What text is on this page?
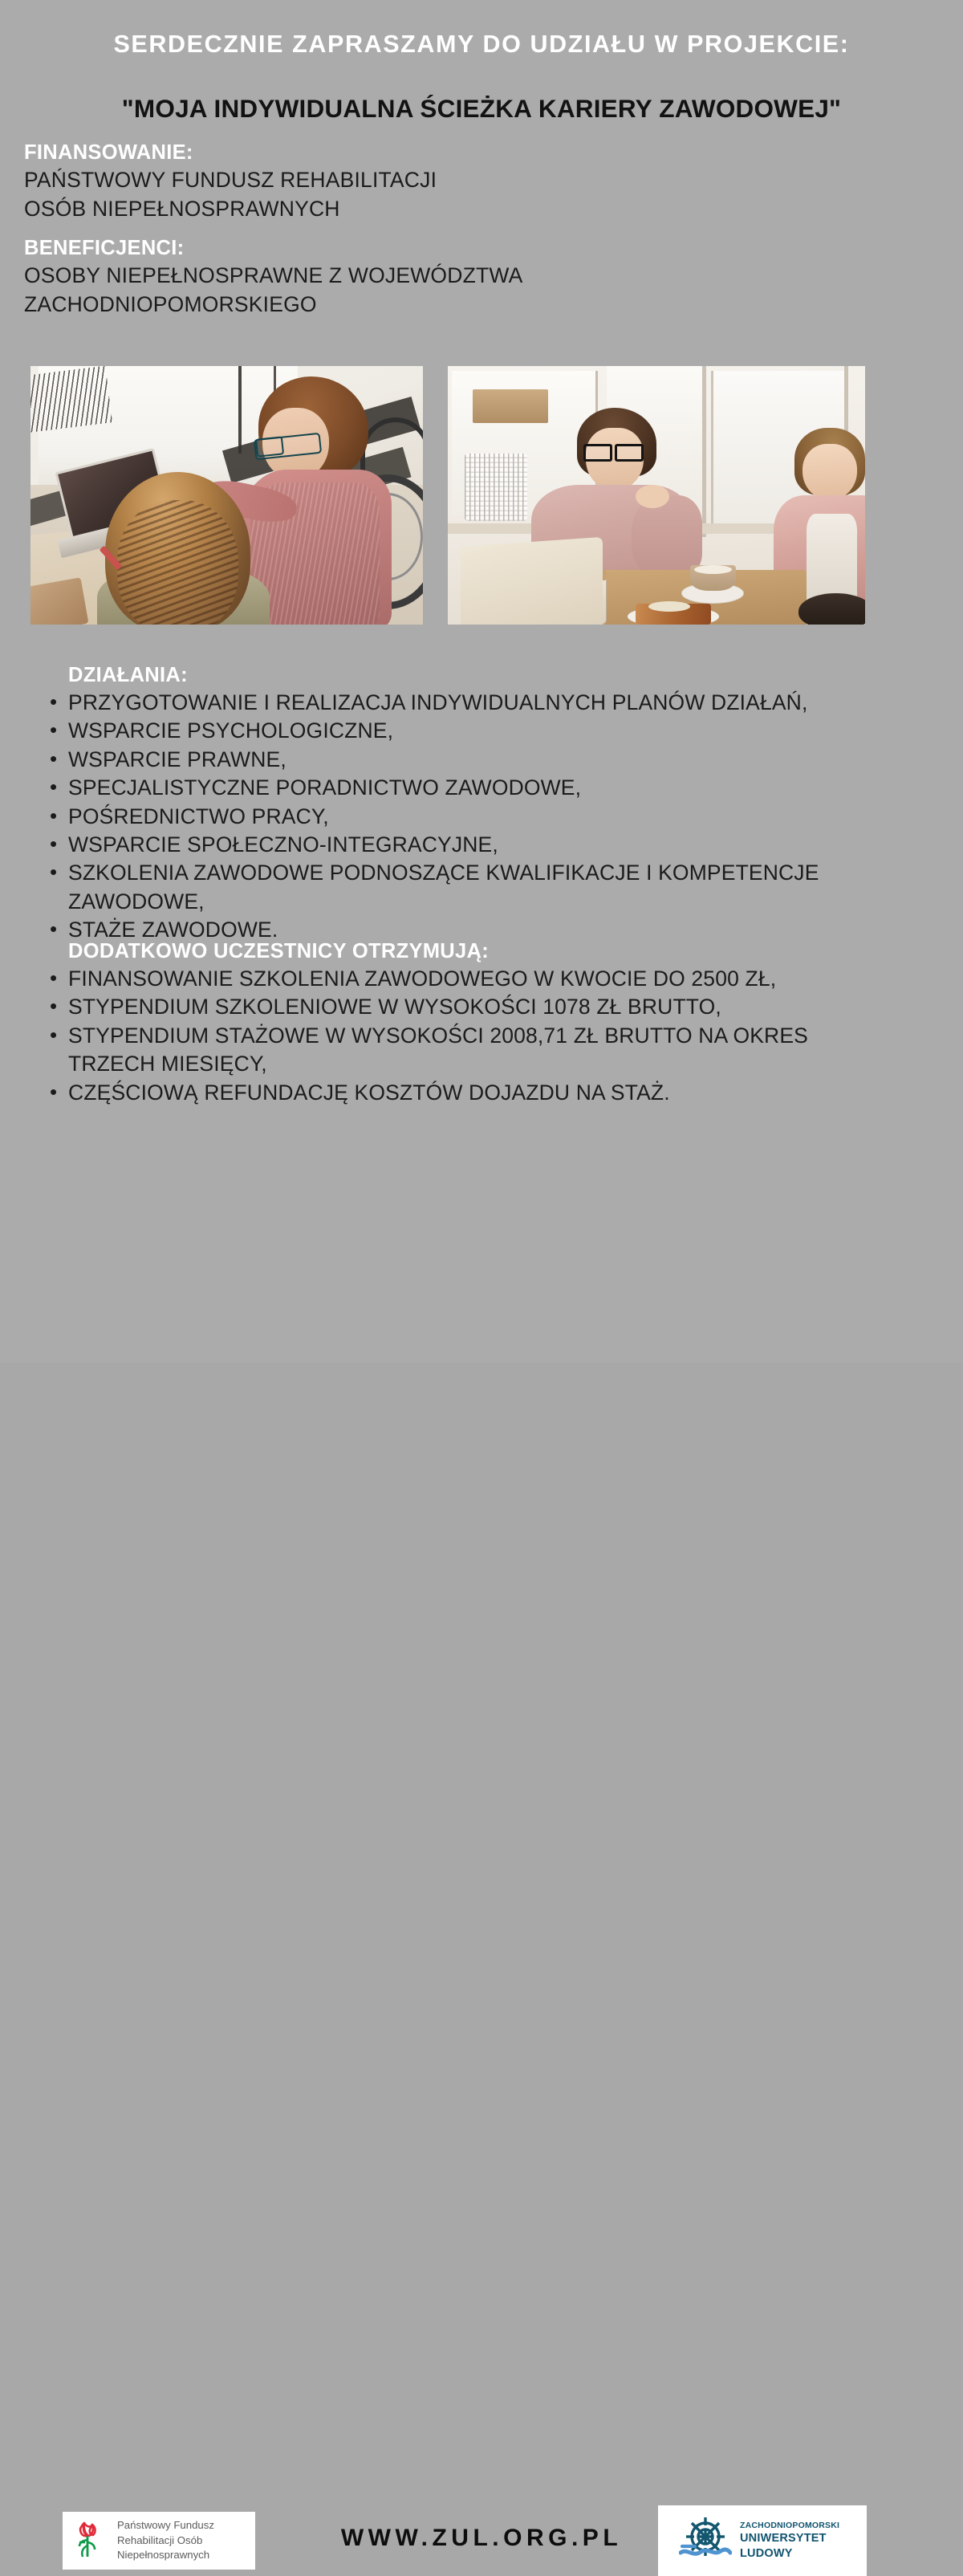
SERDECZNIE ZAPRASZAMY DO UDZIAŁU W PROJEKCIE:
"MOJA INDYWIDUALNA ŚCIEŻKA KARIERY ZAWODOWEJ"
FINANSOWANIE:
PAŃSTWOWY FUNDUSZ REHABILITACJI
OSÓB NIEPEŁNOSPRAWNYCH
BENEFICJENCI:
OSOBY NIEPEŁNOSPRAWNE Z WOJEWÓDZTWA
ZACHODNIOPOMORSKIEGO
DZIAŁANIA:
• PRZYGOTOWANIE I REALIZACJA INDYWIDUALNYCH PLANÓW DZIAŁAŃ,
• WSPARCIE PSYCHOLOGICZNE,
• WSPARCIE PRAWNE,
• SPECJALISTYCZNE PORADNICTWO ZAWODOWE,
• POŚREDNICTWO PRACY,
• WSPARCIE SPOŁECZNO-INTEGRACYJNE,
• SZKOLENIA ZAWODOWE PODNOSZĄCE KWALIFIKACJE I KOMPETENCJE ZAWODOWE,
• STAŻE ZAWODOWE.
DODATKOWO UCZESTNICY OTRZYMUJĄ:
• FINANSOWANIE SZKOLENIA ZAWODOWEGO W KWOCIE DO 2500 ZŁ,
• STYPENDIUM SZKOLENIOWE W WYSOKOŚCI 1078 ZŁ BRUTTO,
• STYPENDIUM STAŻOWE W WYSOKOŚCI 2008,71 ZŁ BRUTTO NA OKRES TRZECH MIESIĘCY,
• CZĘŚCIOWĄ REFUNDACJĘ KOSZTÓW DOJAZDU NA STAŻ.
Państwowy Fundusz
Rehabilitacji Osób
Niepełnosprawnych
WWW.ZUL.ORG.PL	ZACHODNIOPOMORSKI
UNIWERSYTET
LUDOWY
